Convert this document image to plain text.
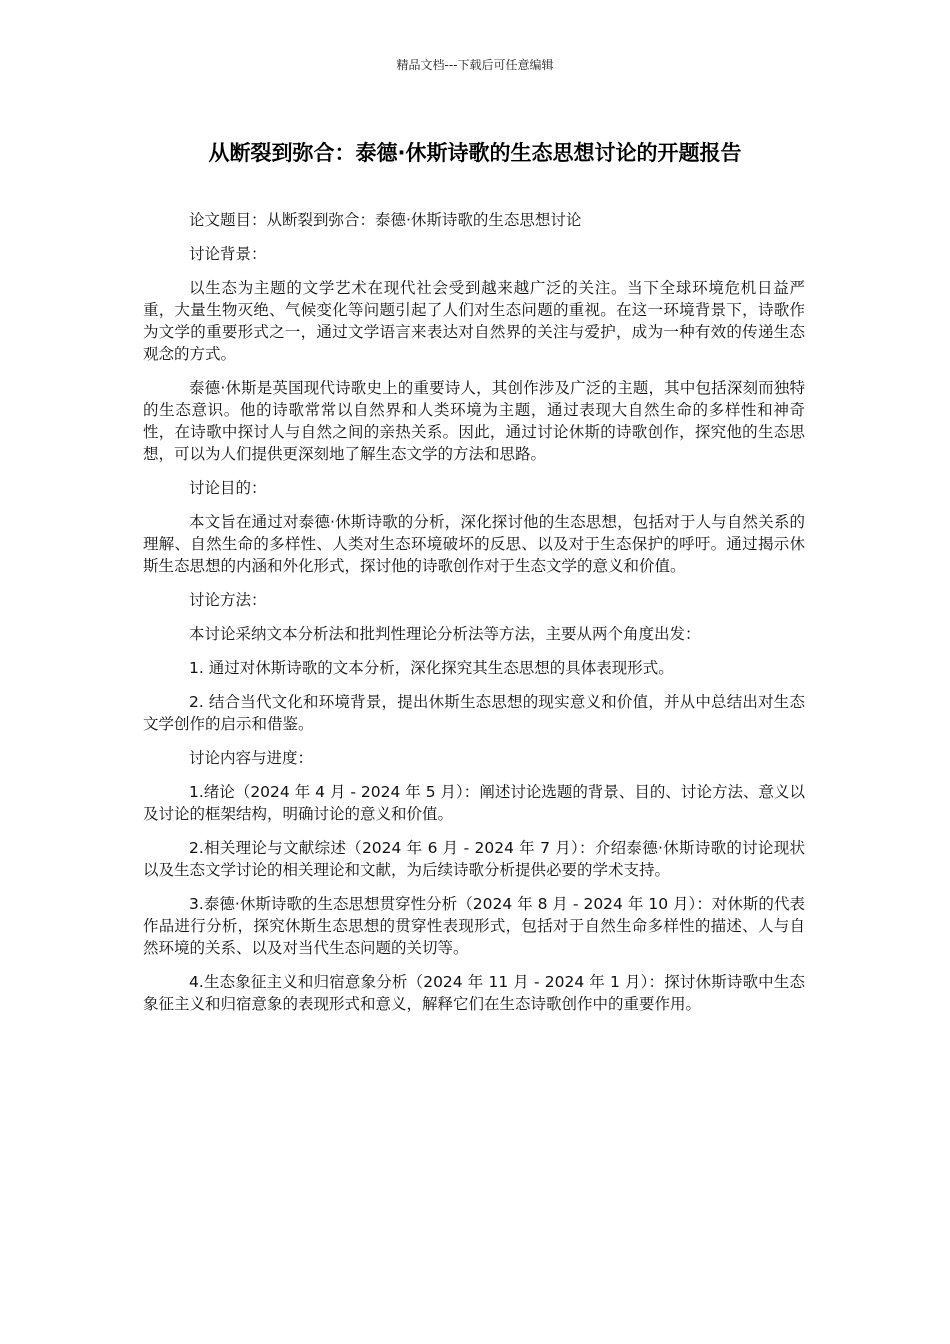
精品文档---下载后可任意编辑
从断裂到弥合：泰德·休斯诗歌的生态思想讨论的开题报告

论文题目：从断裂到弥合：泰德·休斯诗歌的生态思想讨论

讨论背景：

以生态为主题的文学艺术在现代社会受到越来越广泛的关注。当下全球环境危机日益严重，大量生物灭绝、气候变化等问题引起了人们对生态问题的重视。在这一环境背景下，诗歌作为文学的重要形式之一，通过文学语言来表达对自然界的关注与爱护，成为一种有效的传递生态观念的方式。

泰德·休斯是英国现代诗歌史上的重要诗人，其创作涉及广泛的主题，其中包括深刻而独特的生态意识。他的诗歌常常以自然界和人类环境为主题，通过表现大自然生命的多样性和神奇性，在诗歌中探讨人与自然之间的亲热关系。因此，通过讨论休斯的诗歌创作，探究他的生态思想，可以为人们提供更深刻地了解生态文学的方法和思路。

讨论目的：

本文旨在通过对泰德·休斯诗歌的分析，深化探讨他的生态思想，包括对于人与自然关系的理解、自然生命的多样性、人类对生态环境破坏的反思、以及对于生态保护的呼吁。通过揭示休斯生态思想的内涵和外化形式，探讨他的诗歌创作对于生态文学的意义和价值。

讨论方法：

本讨论采纳文本分析法和批判性理论分析法等方法，主要从两个角度出发：

1. 通过对休斯诗歌的文本分析，深化探究其生态思想的具体表现形式。

2. 结合当代文化和环境背景，提出休斯生态思想的现实意义和价值，并从中总结出对生态文学创作的启示和借鉴。

讨论内容与进度：

1.绪论（2024 年 4 月 - 2024 年 5 月）：阐述讨论选题的背景、目的、讨论方法、意义以及讨论的框架结构，明确讨论的意义和价值。

2.相关理论与文献综述（2024 年 6 月 - 2024 年 7 月）：介绍泰德·休斯诗歌的讨论现状以及生态文学讨论的相关理论和文献，为后续诗歌分析提供必要的学术支持。

3.泰德·休斯诗歌的生态思想贯穿性分析（2024 年 8 月 - 2024 年 10 月）：对休斯的代表作品进行分析，探究休斯生态思想的贯穿性表现形式，包括对于自然生命多样性的描述、人与自然环境的关系、以及对当代生态问题的关切等。

4.生态象征主义和归宿意象分析（2024 年 11 月 - 2024 年 1 月）：探讨休斯诗歌中生态象征主义和归宿意象的表现形式和意义，解释它们在生态诗歌创作中的重要作用。
